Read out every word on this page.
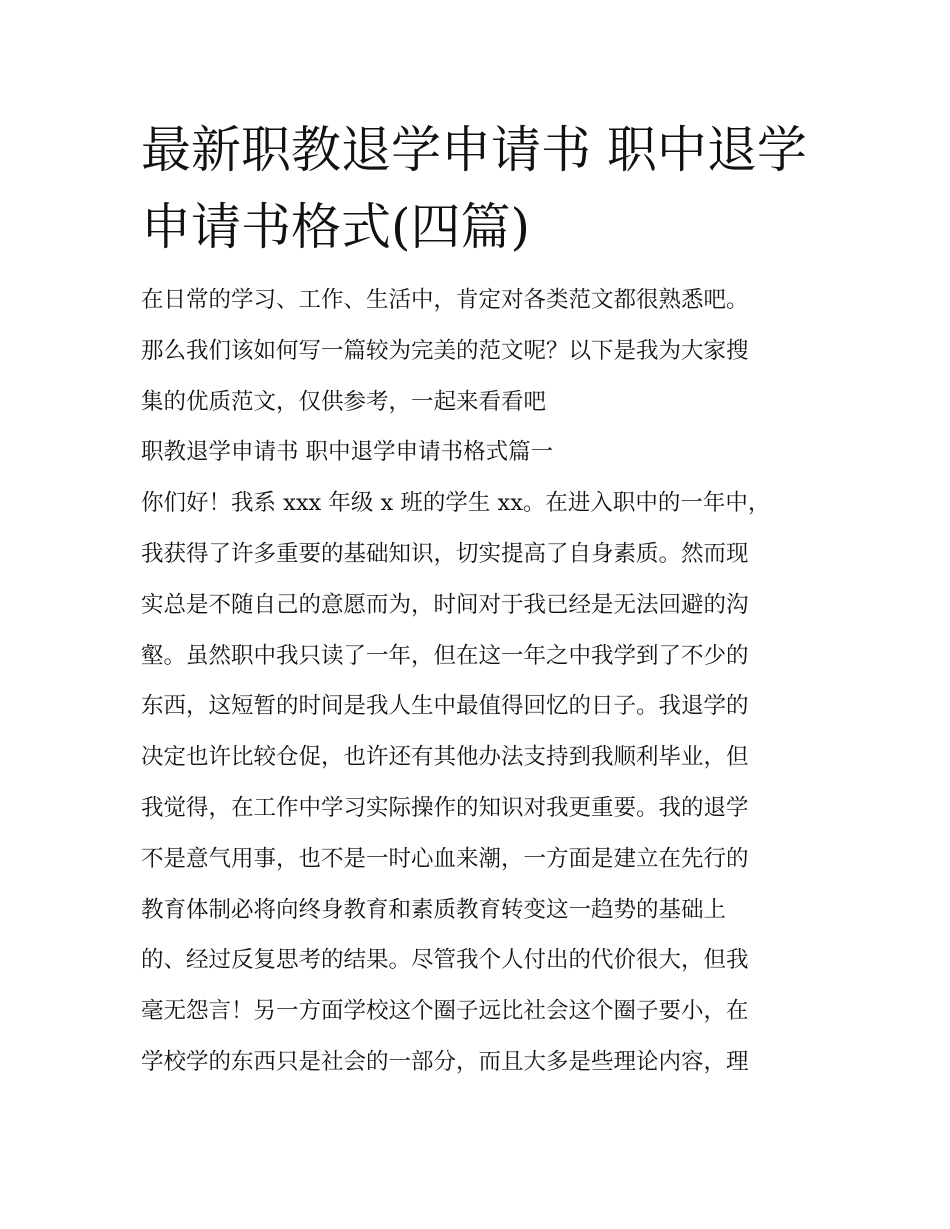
最新职教退学申请书 职中退学
申请书格式(四篇)
在日常的学习、工作、生活中，肯定对各类范文都很熟悉吧。
那么我们该如何写一篇较为完美的范文呢？以下是我为大家搜
集的优质范文，仅供参考，一起来看看吧
职教退学申请书 职中退学申请书格式篇一
你们好！我系 xxx 年级 x 班的学生 xx。在进入职中的一年中，
我获得了许多重要的基础知识，切实提高了自身素质。然而现
实总是不随自己的意愿而为，时间对于我已经是无法回避的沟
壑。虽然职中我只读了一年，但在这一年之中我学到了不少的
东西，这短暂的时间是我人生中最值得回忆的日子。我退学的
决定也许比较仓促，也许还有其他办法支持到我顺利毕业，但
我觉得，在工作中学习实际操作的知识对我更重要。我的退学
不是意气用事，也不是一时心血来潮，一方面是建立在先行的
教育体制必将向终身教育和素质教育转变这一趋势的基础上
的、经过反复思考的结果。尽管我个人付出的代价很大，但我
毫无怨言！另一方面学校这个圈子远比社会这个圈子要小，在
学校学的东西只是社会的一部分，而且大多是些理论内容，理
